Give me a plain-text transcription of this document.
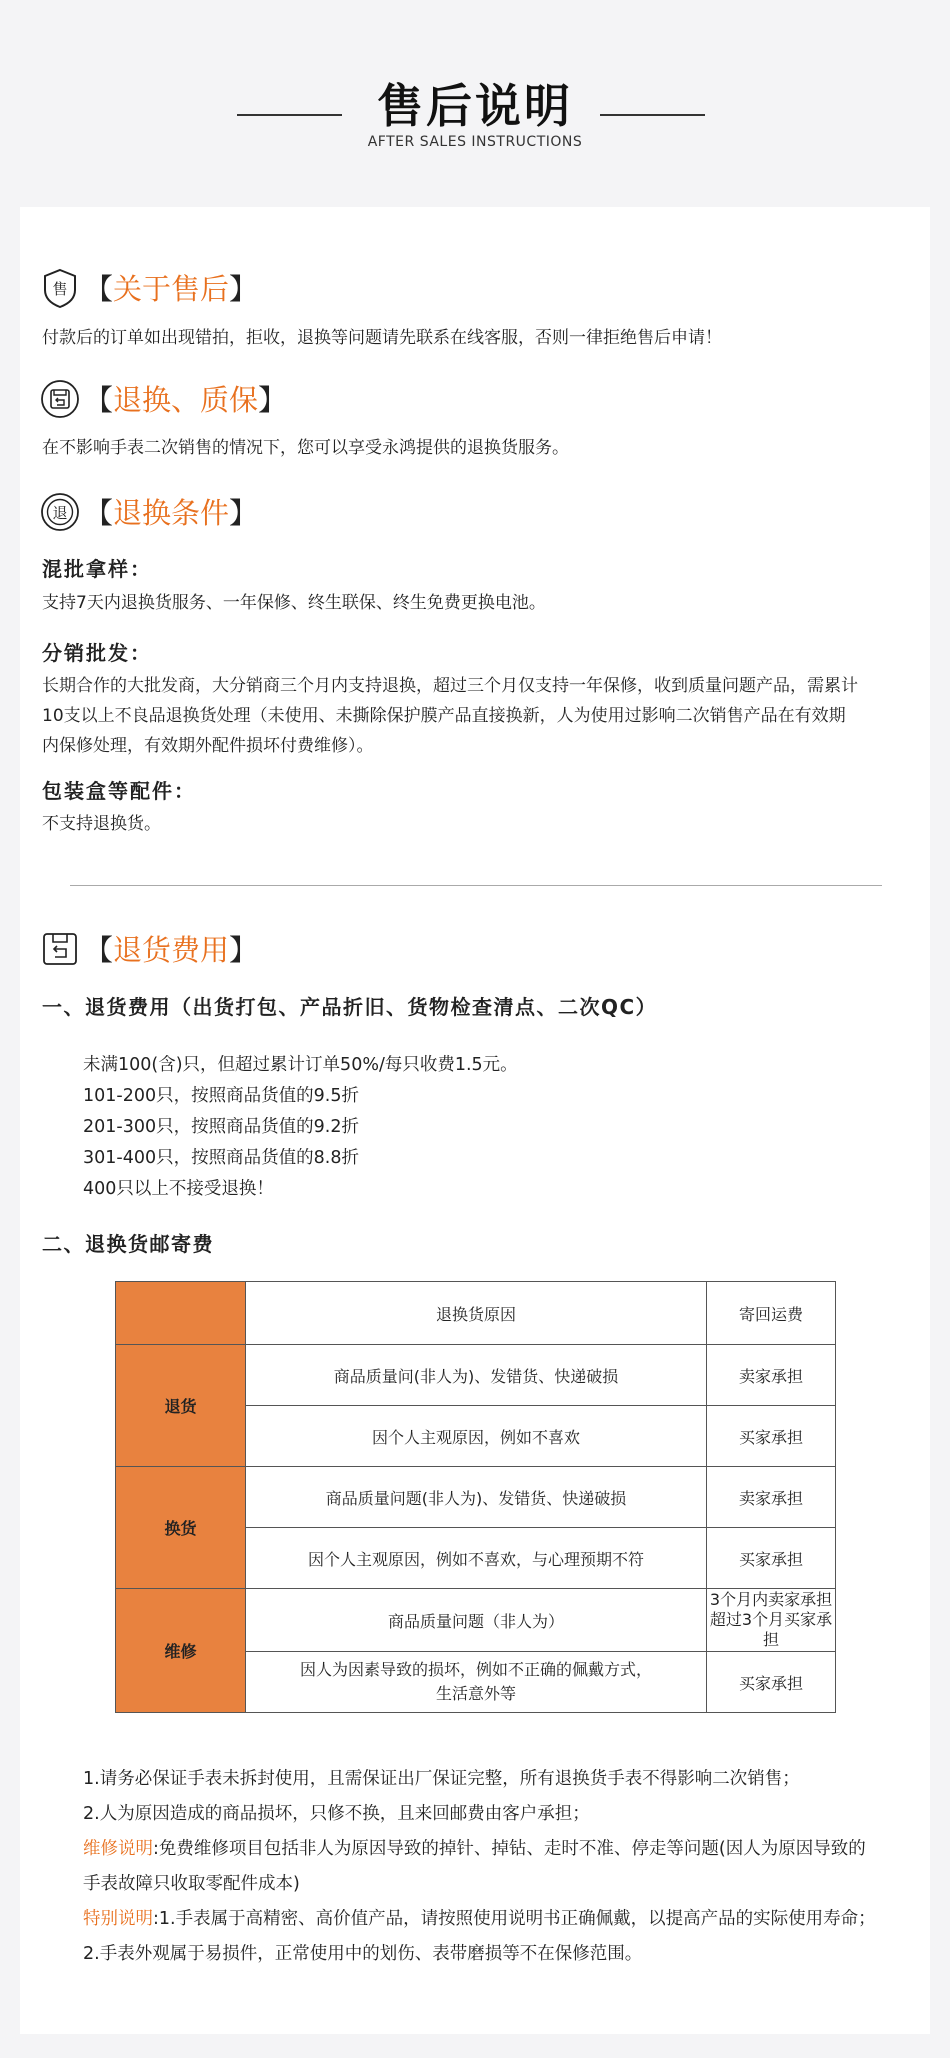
售后说明
AFTER SALES INSTRUCTIONS
售 【关于售后】
付款后的订单如出现错拍，拒收，退换等问题请先联系在线客服，否则一律拒绝售后申请！
【退换、质保】
在不影响手表二次销售的情况下，您可以享受永鸿提供的退换货服务。
退 【退换条件】
混批拿样：
支持7天内退换货服务、一年保修、终生联保、终生免费更换电池。
分销批发：
长期合作的大批发商，大分销商三个月内支持退换，超过三个月仅支持一年保修，收到质量问题产品，需累计
10支以上不良品退换货处理（未使用、未撕除保护膜产品直接换新，人为使用过影响二次销售产品在有效期
内保修处理，有效期外配件损坏付费维修）。
包装盒等配件：
不支持退换货。
【退货费用】
一、退货费用（出货打包、产品折旧、货物检查清点、二次QC）
未满100(含)只，但超过累计订单50%/每只收费1.5元。
101-200只，按照商品货值的9.5折
201-300只，按照商品货值的9.2折
301-400只，按照商品货值的8.8折
400只以上不接受退换！
二、退换货邮寄费
	退换货原因	寄回运费
退货	商品质量问(非人为)、发错货、快递破损	卖家承担
	因个人主观原因，例如不喜欢	买家承担
换货	商品质量问题(非人为)、发错货、快递破损	卖家承担
	因个人主观原因，例如不喜欢，与心理预期不符	买家承担
维修	商品质量问题（非人为）	3个月内卖家承担
超过3个月买家承担

	因人为因素导致的损坏，例如不正确的佩戴方式，
生活意外等	买家承担
1.请务必保证手表未拆封使用，且需保证出厂保证完整，所有退换货手表不得影响二次销售；
2.人为原因造成的商品损坏，只修不换，且来回邮费由客户承担；
维修说明:免费维修项目包括非人为原因导致的掉针、掉钻、走时不准、停走等问题(因人为原因导致的
手表故障只收取零配件成本)
特别说明:1.手表属于高精密、高价值产品，请按照使用说明书正确佩戴，以提高产品的实际使用寿命；
2.手表外观属于易损件，正常使用中的划伤、表带磨损等不在保修范围。
